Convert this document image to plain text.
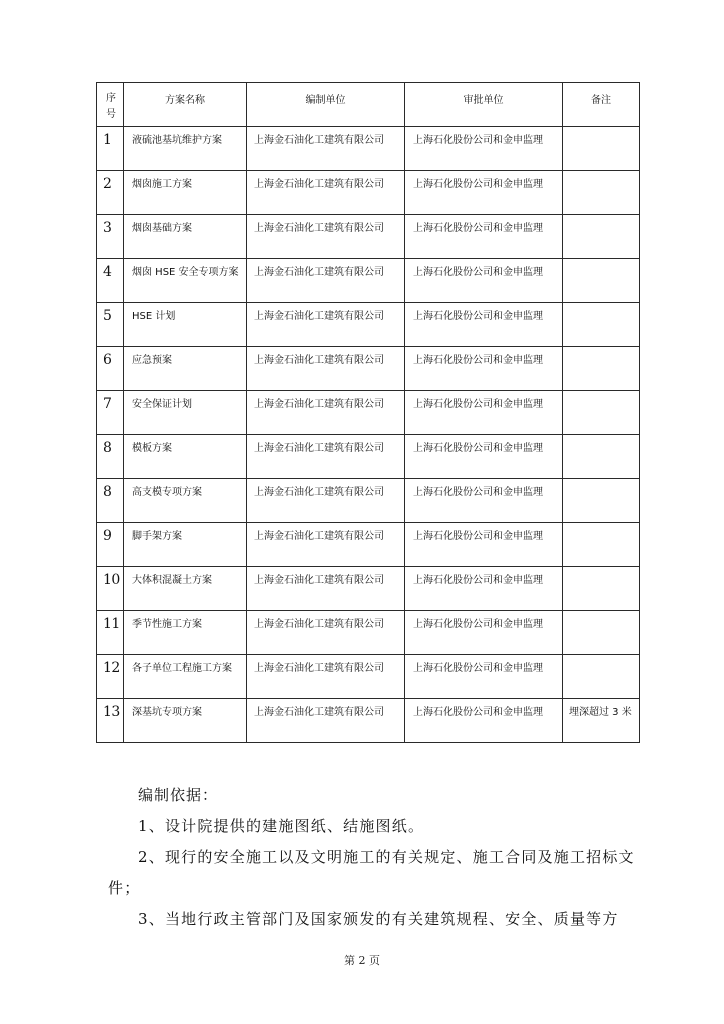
序号	方案名称	编制单位	审批单位	备注
1	液硫池基坑维护方案	上海金石油化工建筑有限公司	上海石化股份公司和金申监理	
2	烟囱施工方案	上海金石油化工建筑有限公司	上海石化股份公司和金申监理	
3	烟囱基础方案	上海金石油化工建筑有限公司	上海石化股份公司和金申监理	
4	烟囱 HSE 安全专项方案	上海金石油化工建筑有限公司	上海石化股份公司和金申监理	
5	HSE 计划	上海金石油化工建筑有限公司	上海石化股份公司和金申监理	
6	应急预案	上海金石油化工建筑有限公司	上海石化股份公司和金申监理	
7	安全保证计划	上海金石油化工建筑有限公司	上海石化股份公司和金申监理	
8	模板方案	上海金石油化工建筑有限公司	上海石化股份公司和金申监理	
8	高支模专项方案	上海金石油化工建筑有限公司	上海石化股份公司和金申监理	
9	脚手架方案	上海金石油化工建筑有限公司	上海石化股份公司和金申监理	
10	大体积混凝土方案	上海金石油化工建筑有限公司	上海石化股份公司和金申监理	
11	季节性施工方案	上海金石油化工建筑有限公司	上海石化股份公司和金申监理	
12	各子单位工程施工方案	上海金石油化工建筑有限公司	上海石化股份公司和金申监理	
13	深基坑专项方案	上海金石油化工建筑有限公司	上海石化股份公司和金申监理	埋深超过 3 米
编制依据：
1、设计院提供的建施图纸、结施图纸。
2、现行的安全施工以及文明施工的有关规定、施工合同及施工招标文件；
3、当地行政主管部门及国家颁发的有关建筑规程、安全、质量等方
第 2 页
